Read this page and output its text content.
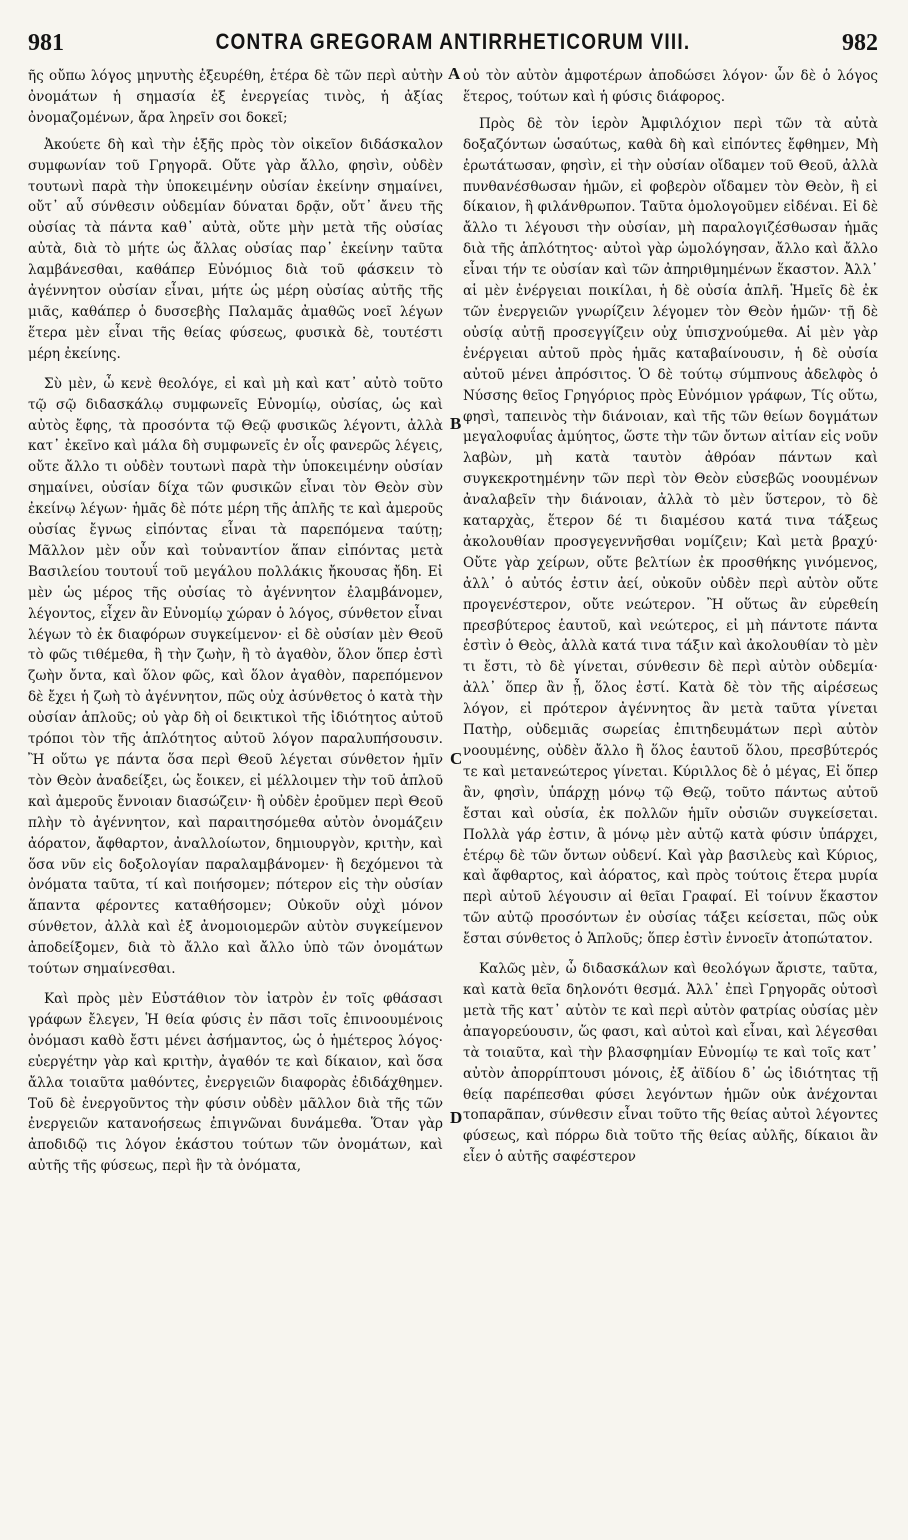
981	CONTRA GREGORAM ANTIRRHETICORUM VIII.	982

ῆς οὔπω λόγος μηνυτὴς ἐξευρέθη, ἑτέρα δὲ τῶν περὶ αὐτὴν ὀνομάτων ἡ σημασία ἐξ ἐνεργείας τινὸς, ἡ ἀξίας ὀνομαζομένων, ἄρα ληρεῖν σοι δοκεῖ;

Ἀκούετε δὴ καὶ τὴν ἑξῆς πρὸς τὸν οἰκεῖον διδάσκαλον συμφωνίαν τοῦ Γρηγορᾶ. Οὔτε γὰρ ἄλλο, φησὶν, οὐδὲν τουτωνὶ παρὰ τὴν ὑποκειμένην οὐσίαν ἐκείνην σημαίνει, οὔτ᾿ αὖ σύνθεσιν οὐδεμίαν δύναται δρᾷν, οὔτ᾿ ἄνευ τῆς οὐσίας τὰ πάντα καθ᾿ αὐτὰ, οὔτε μὴν μετὰ τῆς οὐσίας αὐτὰ, διὰ τὸ μήτε ὡς ἄλλας οὐσίας παρ᾿ ἐκείνην ταῦτα λαμβάνεσθαι, καθάπερ Εὐνόμιος διὰ τοῦ φάσκειν τὸ ἀγέννητον οὐσίαν εἶναι, μήτε ὡς μέρη οὐσίας αὐτῆς τῆς μιᾶς, καθάπερ ὁ δυσσεβὴς Παλαμᾶς ἀμαθῶς νοεῖ λέγων ἕτερα μὲν εἶναι τῆς θείας φύσεως, φυσικὰ δὲ, τουτέστι μέρη ἐκείνης.

Σὺ μὲν, ὦ κενὲ θεολόγε, εἰ καὶ μὴ καὶ κατ᾿ αὐτὸ τοῦτο τῷ σῷ διδασκάλῳ συμφωνεῖς Εὐνομίῳ, οὐσίας, ὡς καὶ αὐτὸς ἔφης, τὰ προσόντα τῷ Θεῷ φυσικῶς λέγοντι, ἀλλὰ κατ᾿ ἐκεῖνο καὶ μάλα δὴ συμφωνεῖς ἐν οἷς φανερῶς λέγεις, οὔτε ἄλλο τι οὐδὲν τουτωνὶ παρὰ τὴν ὑποκειμένην οὐσίαν σημαίνει, οὐσίαν δίχα τῶν φυσικῶν εἶναι τὸν Θεὸν σὺν ἐκείνῳ λέγων· ἡμᾶς δὲ πότε μέρη τῆς ἁπλῆς τε καὶ ἀμεροῦς οὐσίας ἔγνως εἰπόντας εἶναι τὰ παρεπόμενα ταύτῃ; Μᾶλλον μὲν οὖν καὶ τοὐναντίον ἅπαν εἰπόντας μετὰ Βασιλείου τουτουΐ τοῦ μεγάλου πολλάκις ἤκουσας ἤδη. Εἰ μὲν ὡς μέρος τῆς οὐσίας τὸ ἀγέννητον ἐλαμβάνομεν, λέγοντος, εἶχεν ἂν Εὐνομίῳ χώραν ὁ λόγος, σύνθετον εἶναι λέγων τὸ ἐκ διαφόρων συγκείμενον· εἰ δὲ οὐσίαν μὲν Θεοῦ τὸ φῶς τιθέμεθα, ἢ τὴν ζωὴν, ἢ τὸ ἀγαθὸν, ὅλον ὅπερ ἐστὶ ζωὴν ὄντα, καὶ ὅλον φῶς, καὶ ὅλον ἀγαθὸν, παρεπόμενον δὲ ἔχει ἡ ζωὴ τὸ ἀγέννητον, πῶς οὐχ ἀσύνθετος ὁ κατὰ τὴν οὐσίαν ἁπλοῦς; οὐ γὰρ δὴ οἱ δεικτικοὶ τῆς ἰδιότητος αὐτοῦ τρόποι τὸν τῆς ἁπλότητος αὐτοῦ λόγον παραλυπήσουσιν. Ἢ οὕτω γε πάντα ὅσα περὶ Θεοῦ λέγεται σύνθετον ἡμῖν τὸν Θεὸν ἀναδείξει, ὡς ἔοικεν, εἰ μέλλοιμεν τὴν τοῦ ἁπλοῦ καὶ ἀμεροῦς ἔννοιαν διασώζειν· ἢ οὐδὲν ἐροῦμεν περὶ Θεοῦ πλὴν τὸ ἀγέννητον, καὶ παραιτησόμεθα αὐτὸν ὀνομάζειν ἀόρατον, ἄφθαρτον, ἀναλλοίωτον, δημιουργὸν, κριτὴν, καὶ ὅσα νῦν εἰς δοξολογίαν παραλαμβάνομεν· ἢ δεχόμενοι τὰ ὀνόματα ταῦτα, τί καὶ ποιήσομεν; πότερον εἰς τὴν οὐσίαν ἅπαντα φέροντες καταθήσομεν; Οὐκοῦν οὐχὶ μόνον σύνθετον, ἀλλὰ καὶ ἐξ ἀνομοιομερῶν αὐτὸν συγκείμενον ἀποδείξομεν, διὰ τὸ ἄλλο καὶ ἄλλο ὑπὸ τῶν ὀνομάτων τούτων σημαίνεσθαι.

Καὶ πρὸς μὲν Εὐστάθιον τὸν ἰατρὸν ἐν τοῖς φθάσασι γράφων ἔλεγεν, Ἡ θεία φύσις ἐν πᾶσι τοῖς ἐπινοουμένοις ὀνόμασι καθὸ ἔστι μένει ἀσήμαντος, ὡς ὁ ἡμέτερος λόγος· εὐεργέτην γὰρ καὶ κριτὴν, ἀγαθόν τε καὶ δίκαιον, καὶ ὅσα ἄλλα τοιαῦτα μαθόντες, ἐνεργειῶν διαφορὰς ἐδιδάχθημεν. Τοῦ δὲ ἐνεργοῦντος τὴν φύσιν οὐδὲν μᾶλλον διὰ τῆς τῶν ἐνεργειῶν κατανοήσεως ἐπιγνῶναι δυνάμεθα. Ὅταν γὰρ ἀποδιδῷ τις λόγον ἑκάστου τούτων τῶν ὀνομάτων, καὶ αὐτῆς τῆς φύσεως, περὶ ἣν τὰ ὀνόματα,

οὐ τὸν αὐτὸν ἀμφοτέρων ἀποδώσει λόγον· ὧν δὲ ὁ λόγος ἕτερος, τούτων καὶ ἡ φύσις διάφορος.

Πρὸς δὲ τὸν ἱερὸν Ἀμφιλόχιον περὶ τῶν τὰ αὐτὰ δοξαζόντων ὡσαύτως, καθὰ δὴ καὶ εἰπόντες ἔφθημεν, Μὴ ἐρωτάτωσαν, φησὶν, εἰ τὴν οὐσίαν οἴδαμεν τοῦ Θεοῦ, ἀλλὰ πυνθανέσθωσαν ἡμῶν, εἰ φοβερὸν οἴδαμεν τὸν Θεὸν, ἢ εἰ δίκαιον, ἢ φιλάνθρωπον. Ταῦτα ὁμολογοῦμεν εἰδέναι. Εἰ δὲ ἄλλο τι λέγουσι τὴν οὐσίαν, μὴ παραλογιζέσθωσαν ἡμᾶς διὰ τῆς ἁπλότητος· αὐτοὶ γὰρ ὡμολόγησαν, ἄλλο καὶ ἄλλο εἶναι τήν τε οὐσίαν καὶ τῶν ἀπηριθμημένων ἕκαστον. Ἀλλ᾿ αἱ μὲν ἐνέργειαι ποικίλαι, ἡ δὲ οὐσία ἁπλῆ. Ἡμεῖς δὲ ἐκ τῶν ἐνεργειῶν γνωρίζειν λέγομεν τὸν Θεὸν ἡμῶν· τῇ δὲ οὐσίᾳ αὐτῇ προσεγγίζειν οὐχ ὑπισχνούμεθα. Αἱ μὲν γὰρ ἐνέργειαι αὐτοῦ πρὸς ἡμᾶς καταβαίνουσιν, ἡ δὲ οὐσία αὐτοῦ μένει ἀπρόσιτος. Ὁ δὲ τούτῳ σύμπνους ἀδελφὸς ὁ Νύσσης θεῖος Γρηγόριος πρὸς Εὐνόμιον γράφων, Τίς οὕτω, φησὶ, ταπεινὸς τὴν διάνοιαν, καὶ τῆς τῶν θείων δογμάτων μεγαλοφυΐας ἀμύητος, ὥστε τὴν τῶν ὄντων αἰτίαν εἰς νοῦν λαβὼν, μὴ κατὰ ταυτὸν ἀθρόαν πάντων καὶ συγκεκροτημένην τῶν περὶ τὸν Θεὸν εὐσεβῶς νοουμένων ἀναλαβεῖν τὴν διάνοιαν, ἀλλὰ τὸ μὲν ὕστερον, τὸ δὲ καταρχὰς, ἕτερον δέ τι διαμέσου κατά τινα τάξεως ἀκολουθίαν προσγεγεννῆσθαι νομίζειν; Καὶ μετὰ βραχύ· Οὔτε γὰρ χείρων, οὔτε βελτίων ἐκ προσθήκης γινόμενος, ἀλλ᾿ ὁ αὐτός ἐστιν ἀεί, οὐκοῦν οὐδὲν περὶ αὐτὸν οὔτε προγενέστερον, οὔτε νεώτερον. Ἢ οὕτως ἂν εὑρεθείη πρεσβύτερος ἑαυτοῦ, καὶ νεώτερος, εἰ μὴ πάντοτε πάντα ἐστὶν ὁ Θεὸς, ἀλλὰ κατά τινα τάξιν καὶ ἀκολουθίαν τὸ μὲν τι ἔστι, τὸ δὲ γίνεται, σύνθεσιν δὲ περὶ αὐτὸν οὐδεμία· ἀλλ᾿ ὅπερ ἂν ᾖ, ὅλος ἐστί. Κατὰ δὲ τὸν τῆς αἱρέσεως λόγον, εἰ πρότερον ἀγέννητος ἂν μετὰ ταῦτα γίνεται Πατὴρ, οὐδεμιᾶς σωρείας ἐπιτηδευμάτων περὶ αὐτὸν νοουμένης, οὐδὲν ἄλλο ἢ ὅλος ἑαυτοῦ ὅλου, πρεσβύτερός τε καὶ μετανεώτερος γίνεται. Κύριλλος δὲ ὁ μέγας, Εἰ ὅπερ ἂν, φησὶν, ὑπάρχῃ μόνῳ τῷ Θεῷ, τοῦτο πάντως αὐτοῦ ἔσται καὶ οὐσία, ἐκ πολλῶν ἡμῖν οὐσιῶν συγκείσεται. Πολλὰ γάρ ἐστιν, ἃ μόνῳ μὲν αὐτῷ κατὰ φύσιν ὑπάρχει, ἑτέρῳ δὲ τῶν ὄντων οὐδενί. Καὶ γὰρ βασιλεὺς καὶ Κύριος, καὶ ἄφθαρτος, καὶ ἀόρατος, καὶ πρὸς τούτοις ἕτερα μυρία περὶ αὐτοῦ λέγουσιν αἱ θεῖαι Γραφαί. Εἰ τοίνυν ἕκαστον τῶν αὐτῷ προσόντων ἐν οὐσίας τάξει κείσεται, πῶς οὐκ ἔσται σύνθετος ὁ Ἁπλοῦς; ὅπερ ἐστὶν ἐννοεῖν ἀτοπώτατον.

Καλῶς μὲν, ὦ διδασκάλων καὶ θεολόγων ἄριστε, ταῦτα, καὶ κατὰ θεῖα δηλονότι θεσμά. Ἀλλ᾿ ἐπεὶ Γρηγορᾶς οὑτοσὶ μετὰ τῆς κατ᾿ αὐτὸν τε καὶ περὶ αὐτὸν φατρίας οὐσίας μὲν ἀπαγορεύουσιν, ὥς φασι, καὶ αὐτοὶ καὶ εἶναι, καὶ λέγεσθαι τὰ τοιαῦτα, καὶ τὴν βλασφημίαν Εὐνομίῳ τε καὶ τοῖς κατ᾿ αὐτὸν ἀπορρίπτουσι μόνοις, ἐξ ἀϊδίου δ᾿ ὡς ἰδιότητας τῇ θείᾳ παρέπεσθαι φύσει λεγόντων ἡμῶν οὐκ ἀνέχονται τοπαρᾶπαν, σύνθεσιν εἶναι τοῦτο τῆς θείας αὐτοὶ λέγοντες φύσεως, καὶ πόρρω διὰ τοῦτο τῆς θείας αὐλῆς, δίκαιοι ἂν εἶεν ὁ αὐτῆς σαφέστερον

A
B
C
D
